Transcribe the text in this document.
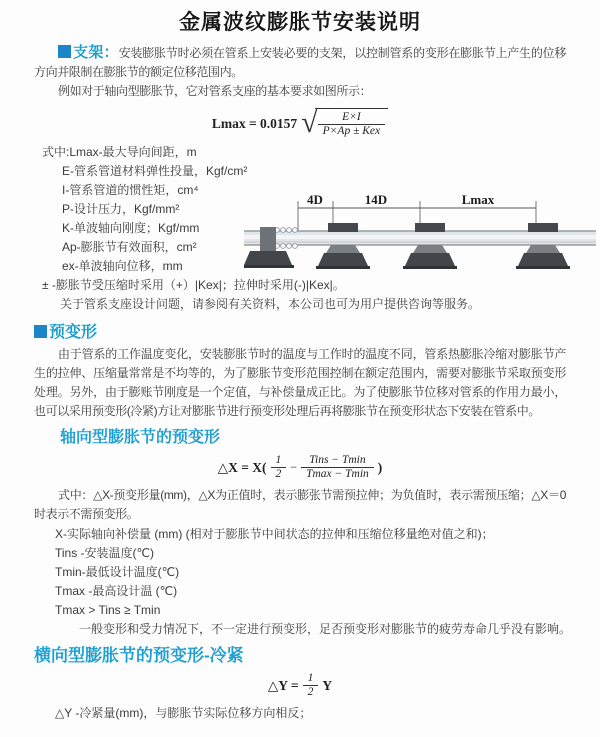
金属波纹膨胀节安装说明

支架：安装膨胀节时必须在管系上安装必要的支架，以控制管系的变形在膨胀节上产生的位移方向并限制在膨胀节的额定位移范围内。

例如对于轴向型膨胀节，它对管系支座的基本要求如图所示：

Lmax = 0.0157 √ $\frac{E\times I}{\text{P×Ap ± Kex}}$
式中:Lmax-最大导向间距，m
E-管系管道材料弹性投量，Kgf/cm²
I-管系管道的惯性矩，cm⁴
P-设计压力，Kgf/mm²
K-单波轴向刚度；Kgf/mm
Ap-膨胀节有效面积，cm²
ex-单波轴向位移，mm
± -膨胀节受压缩时采用（+）|Kex|；拉伸时采用(-)|Kex|。
关于管系支座设计问题，请参阅有关资料，本公司也可为用户提供咨询等服务。
4D	14D	Lmax
预变形

由于管系的工作温度变化，安装膨胀节时的温度与工作时的温度不同，管系热膨胀冷缩对膨胀节产生的拉伸、压缩量常常是不均等的，为了膨胀节变形范围控制在额定范围内，需要对膨胀节采取预变形处理。另外，由于膨账节刚度是一个定值，与补偿量成正比。为了使膨胀节位移对管系的作用力最小，也可以采用预变形(冷紧)方让对膨胀节进行预变形处理后再将膨胀节在预变形状态下安装在管系中。

轴向型膨胀节的预变形
△X = $X( \frac{1}{2} - \frac{\text{Tins − Tmin}}{Tmax - Tmin}$ )

式中：△X-预变形量(mm)，△X为正值时，表示膨张节需预拉伸；为负值时，表示需预压缩；△X＝0时表示不需预变形。

X-实际轴向补偿量 (mm) (相对于膨胀节中间状态的拉伸和压缩位移量绝对值之和)；
Tins -安装温度(℃)
Tmin-最低设计温度(℃)
Tmax -最高设计温 (℃)
Tmax > Tins ≥ Tmin
一般变形和受力情况下，不一定进行预变形，足否预变形对膨胀节的疲劳寿命几乎没有影响。
横向型膨胀节的预变形-冷紧
△Y = $\frac{1}{2}$ Y
△Y -冷紧量(mm)，与膨胀节实际位移方向相反；
